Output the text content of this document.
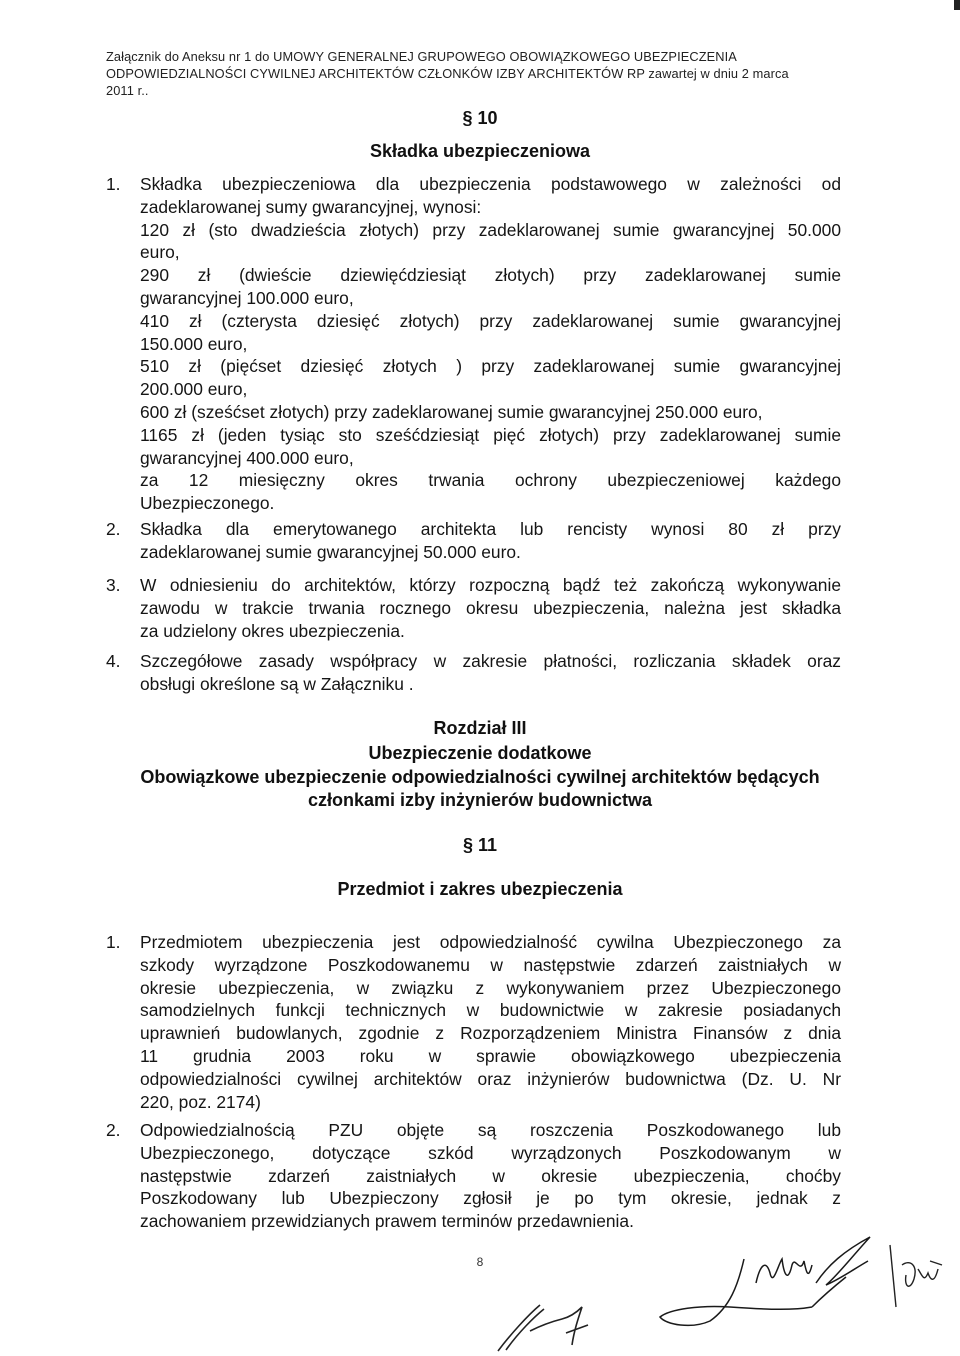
Załącznik do Aneksu nr 1 do UMOWY GENERALNEJ GRUPOWEGO OBOWIĄZKOWEGO UBEZPIECZENIA
ODPOWIEDZIALNOŚCI CYWILNEJ ARCHITEKTÓW CZŁONKÓW IZBY ARCHITEKTÓW RP zawartej w dniu 2 marca
2011 r..
§ 10
Składka ubezpieczeniowa
1. Składka ubezpieczeniowa dla ubezpieczenia podstawowego w zależności od

zadeklarowanej sumy gwarancyjnej, wynosi:

120 zł (sto dwadzieścia złotych) przy zadeklarowanej sumie gwarancyjnej 50.000

euro,

290 zł (dwieście dziewięćdziesiąt złotych) przy zadeklarowanej sumie

gwarancyjnej 100.000 euro,

410 zł (czterysta dziesięć złotych) przy zadeklarowanej sumie gwarancyjnej

150.000 euro,

510 zł (pięćset dziesięć złotych ) przy zadeklarowanej sumie gwarancyjnej

200.000 euro,

600 zł (sześćset złotych) przy zadeklarowanej sumie gwarancyjnej 250.000 euro,

1165 zł (jeden tysiąc sto sześćdziesiąt pięć złotych) przy zadeklarowanej sumie

gwarancyjnej 400.000 euro,

za 12 miesięczny okres trwania ochrony ubezpieczeniowej każdego

Ubezpieczonego.

2. Składka dla emerytowanego architekta lub rencisty wynosi 80 zł przy

zadeklarowanej sumie gwarancyjnej 50.000 euro.

3. W odniesieniu do architektów, którzy rozpoczną bądź też zakończą wykonywanie

zawodu w trakcie trwania rocznego okresu ubezpieczenia, należna jest składka

za udzielony okres ubezpieczenia.

4. Szczegółowe zasady współpracy w zakresie płatności, rozliczania składek oraz

obsługi określone są w Załączniku .

Rozdział III
Ubezpieczenie dodatkowe
Obowiązkowe ubezpieczenie odpowiedzialności cywilnej architektów będących
członkami izby inżynierów budownictwa
§ 11
Przedmiot i zakres ubezpieczenia
1. Przedmiotem ubezpieczenia jest odpowiedzialność cywilna Ubezpieczonego za

szkody wyrządzone Poszkodowanemu w następstwie zdarzeń zaistniałych w

okresie ubezpieczenia, w związku z wykonywaniem przez Ubezpieczonego

samodzielnych funkcji technicznych w budownictwie w zakresie posiadanych

uprawnień budowlanych, zgodnie z Rozporządzeniem Ministra Finansów z dnia

11 grudnia 2003 roku w sprawie obowiązkowego ubezpieczenia

odpowiedzialności cywilnej architektów oraz inżynierów budownictwa (Dz. U. Nr

220, poz. 2174)

2. Odpowiedzialnością PZU objęte są roszczenia Poszkodowanego lub

Ubezpieczonego, dotyczące szkód wyrządzonych Poszkodowanym w

następstwie zdarzeń zaistniałych w okresie ubezpieczenia, choćby

Poszkodowany lub Ubezpieczony zgłosił je po tym okresie, jednak z

zachowaniem przewidzianych prawem terminów przedawnienia.

8
